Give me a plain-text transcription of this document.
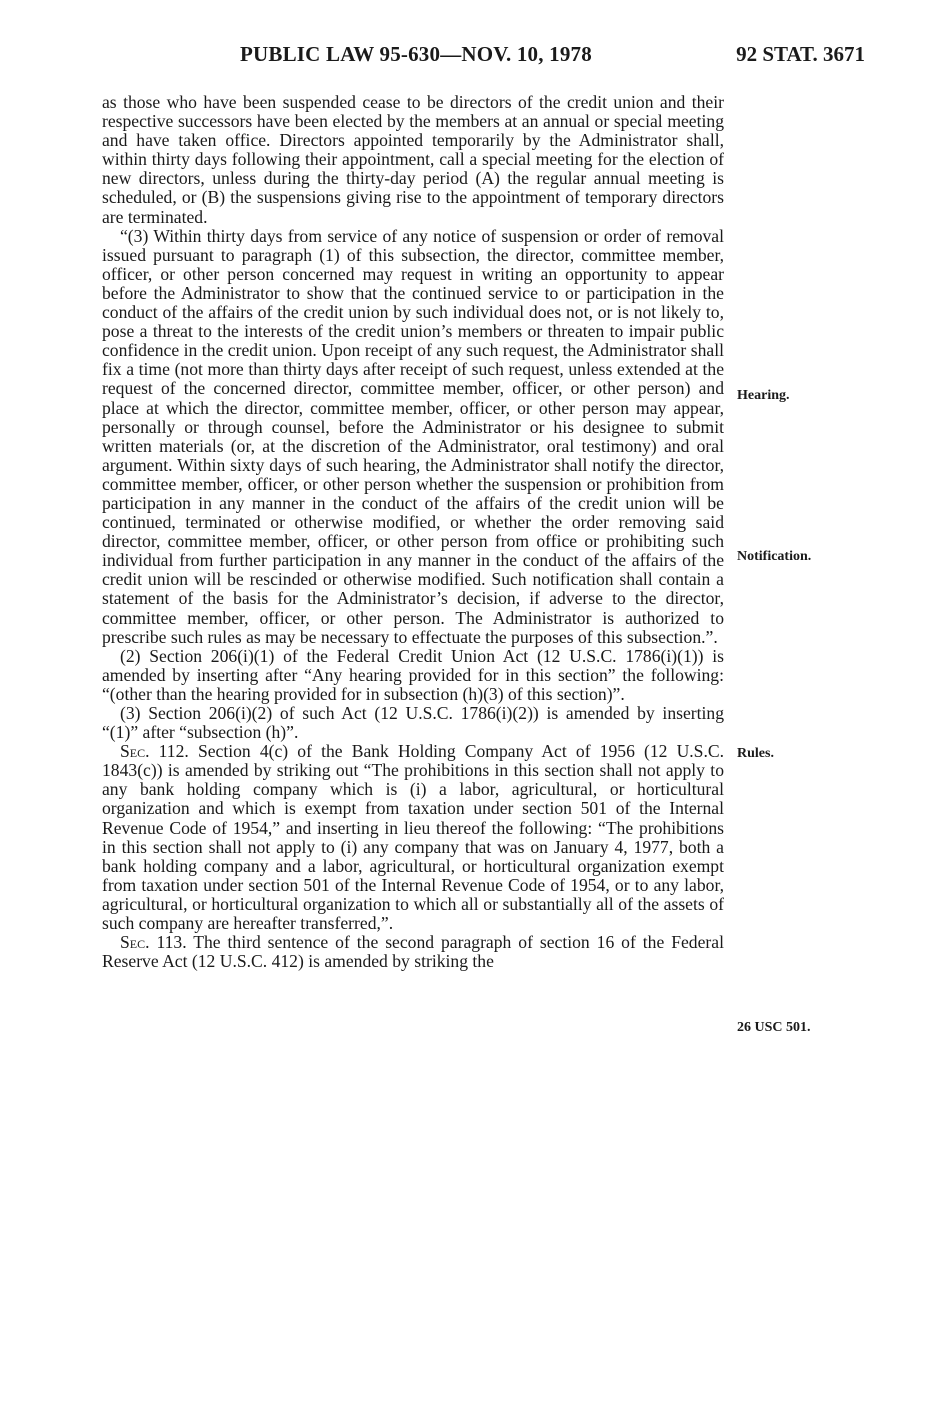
PUBLIC LAW 95-630—NOV. 10, 1978	92 STAT. 3671

as those who have been suspended cease to be directors of the credit union and their respective successors have been elected by the members at an annual or special meeting and have taken office. Directors appointed temporarily by the Administrator shall, within thirty days following their appointment, call a special meeting for the election of new directors, unless during the thirty-day period (A) the regular annual meeting is scheduled, or (B) the suspensions giving rise to the appointment of temporary directors are terminated.

“(3) Within thirty days from service of any notice of suspension or order of removal issued pursuant to paragraph (1) of this subsection, the director, committee member, officer, or other person concerned may request in writing an opportunity to appear before the Administrator to show that the continued service to or participation in the conduct of the affairs of the credit union by such individual does not, or is not likely to, pose a threat to the interests of the credit union’s members or threaten to impair public confidence in the credit union. Upon receipt of any such request, the Administrator shall fix a time (not more than thirty days after receipt of such request, unless extended at the request of the concerned director, committee member, officer, or other person) and place at which the director, committee member, officer, or other person may appear, personally or through counsel, before the Administrator or his designee to submit written materials (or, at the discretion of the Administrator, oral testimony) and oral argument. Within sixty days of such hearing, the Administrator shall notify the director, committee member, officer, or other person whether the suspension or prohibition from participation in any manner in the conduct of the affairs of the credit union will be continued, terminated or otherwise modified, or whether the order removing said director, committee member, officer, or other person from office or prohibiting such individual from further participation in any manner in the conduct of the affairs of the credit union will be rescinded or otherwise modified. Such notification shall contain a statement of the basis for the Administrator’s decision, if adverse to the director, committee member, officer, or other person. The Administrator is authorized to prescribe such rules as may be necessary to effectuate the purposes of this subsection.”.

(2) Section 206(i)(1) of the Federal Credit Union Act (12 U.S.C. 1786(i)(1)) is amended by inserting after “Any hearing provided for in this section” the following: “(other than the hearing provided for in subsection (h)(3) of this section)”.

(3) Section 206(i)(2) of such Act (12 U.S.C. 1786(i)(2)) is amended by inserting “(1)” after “subsection (h)”.

Sec. 112. Section 4(c) of the Bank Holding Company Act of 1956 (12 U.S.C. 1843(c)) is amended by striking out “The prohibitions in this section shall not apply to any bank holding company which is (i) a labor, agricultural, or horticultural organization and which is exempt from taxation under section 501 of the Internal Revenue Code of 1954,” and inserting in lieu thereof the following: “The prohibitions in this section shall not apply to (i) any company that was on January 4, 1977, both a bank holding company and a labor, agricultural, or horticultural organization exempt from taxation under section 501 of the Internal Revenue Code of 1954, or to any labor, agricultural, or horticultural organization to which all or substantially all of the assets of such company are hereafter transferred,”.

Sec. 113. The third sentence of the second paragraph of section 16 of the Federal Reserve Act (12 U.S.C. 412) is amended by striking the

Hearing.
Notification.
Rules.
26 USC 501.
